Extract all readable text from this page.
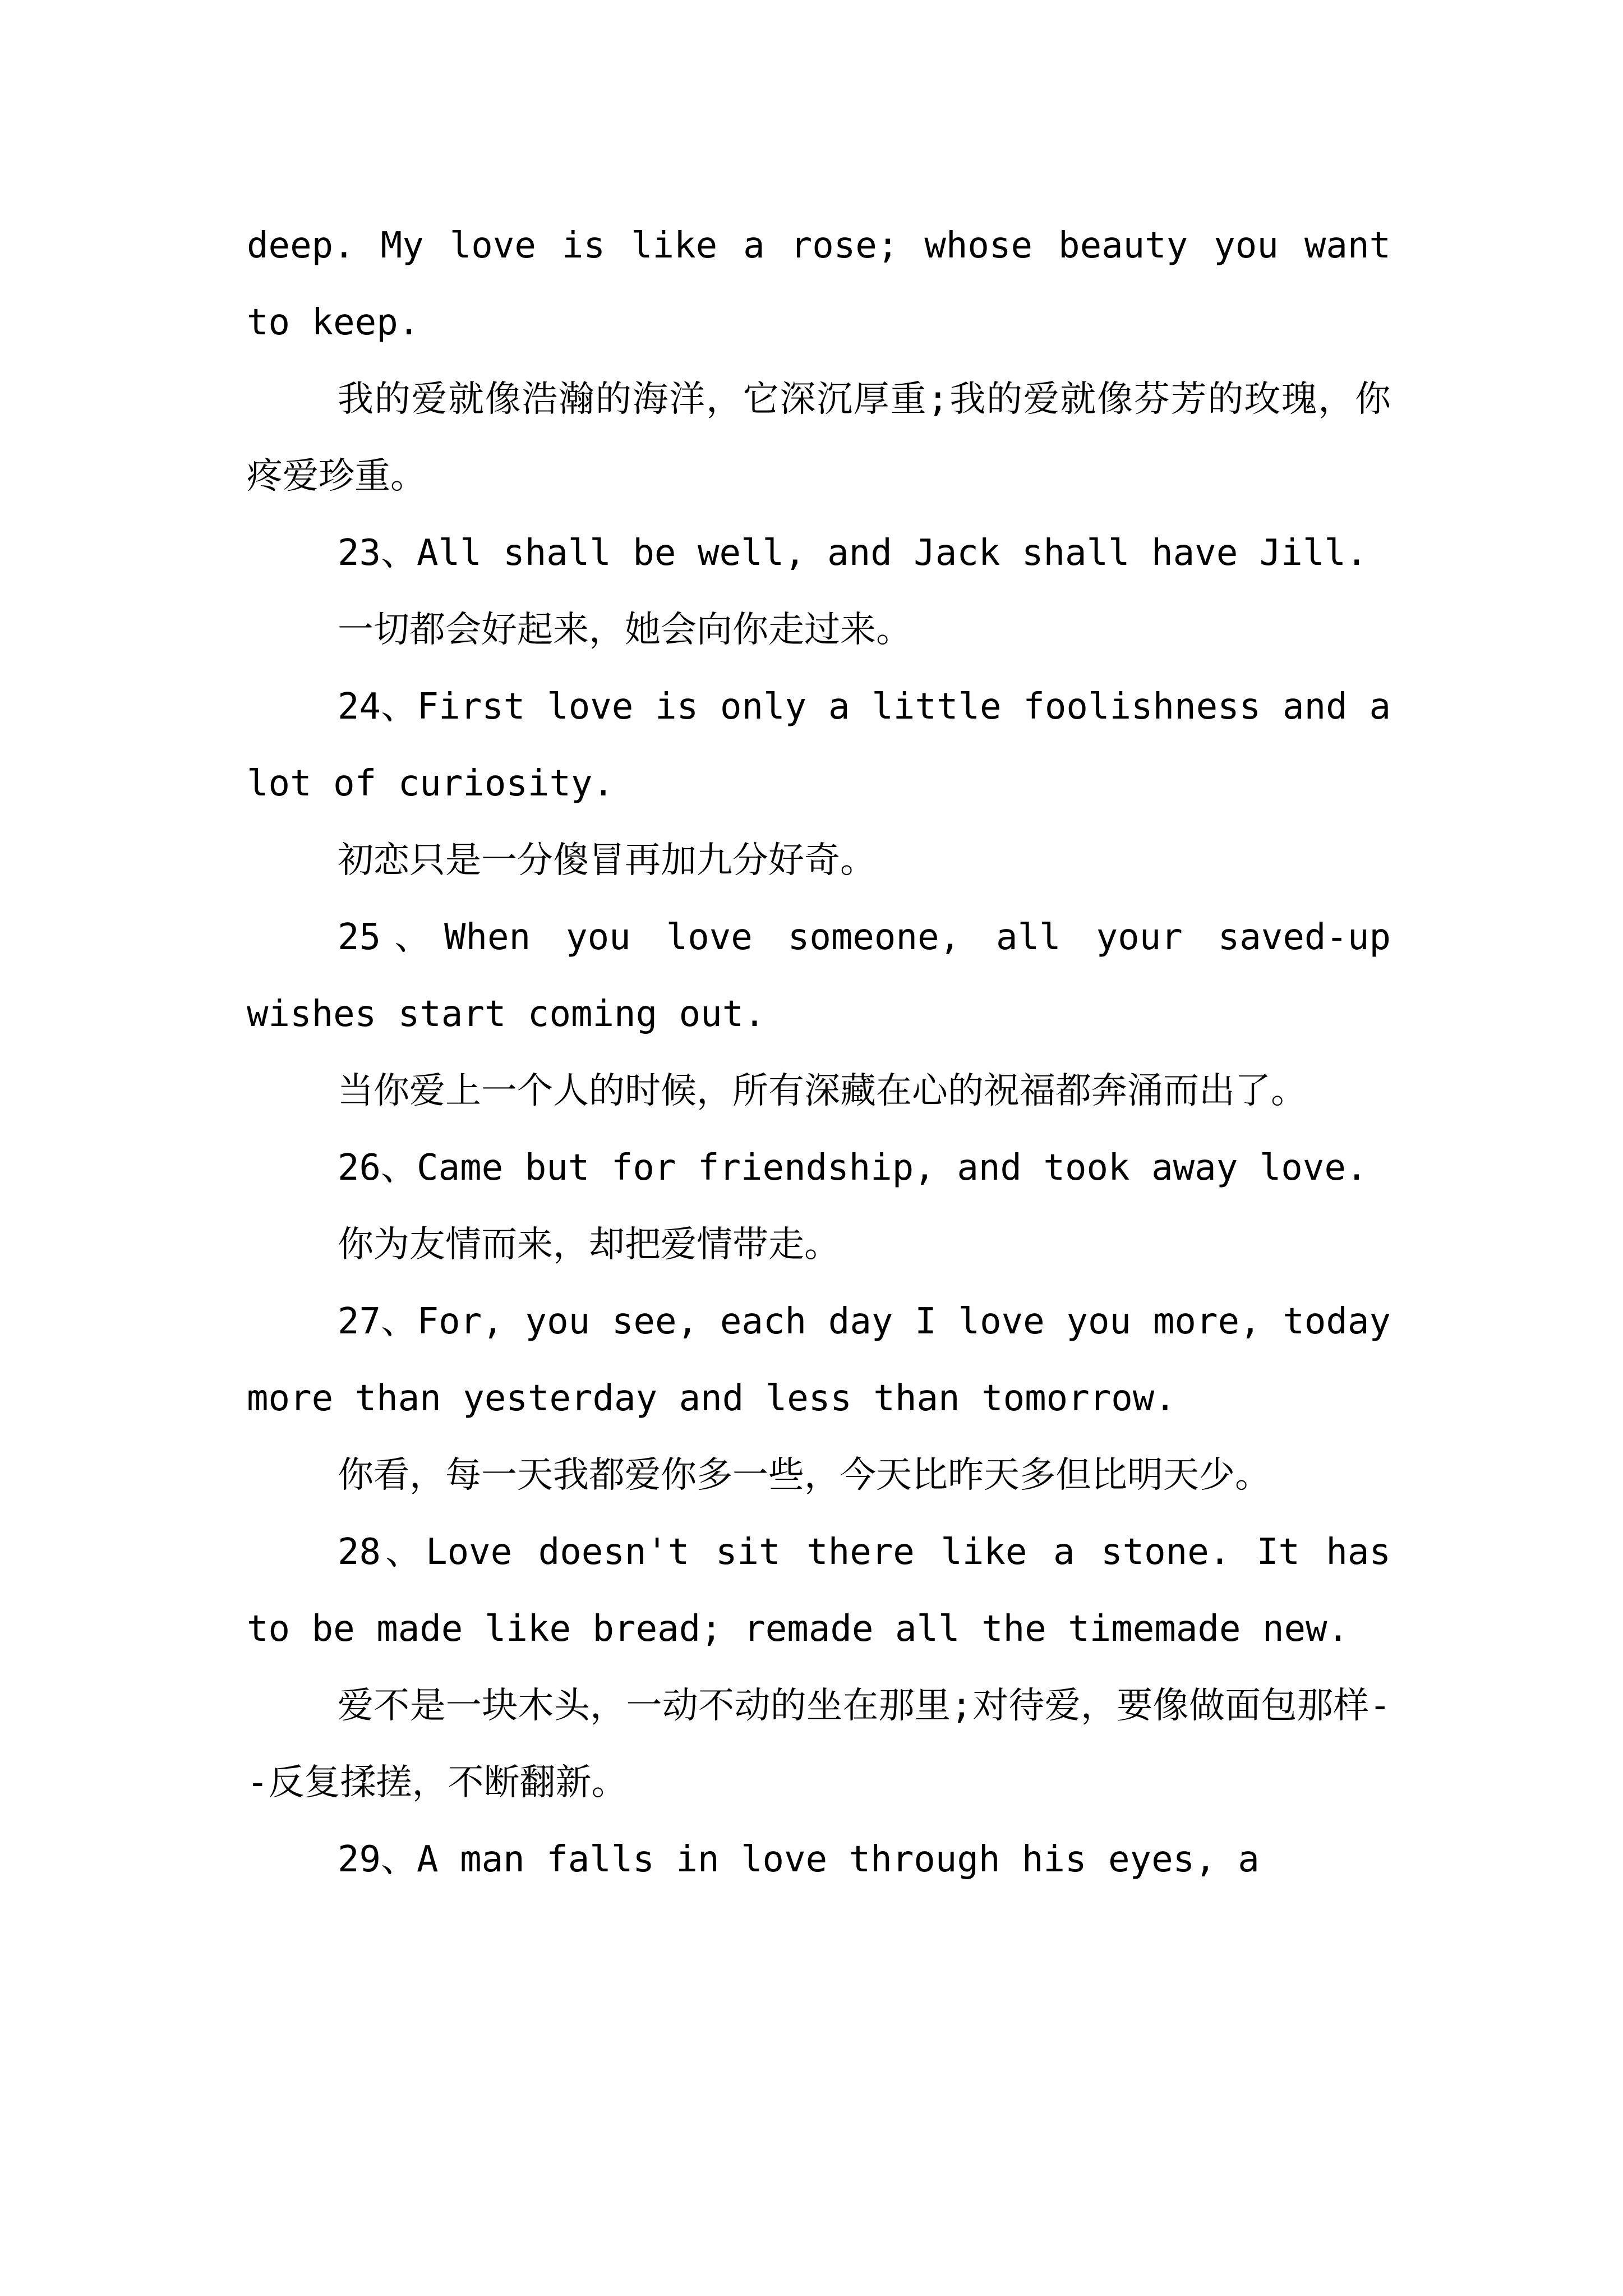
deep. My love is like a rose; whose beauty you want to keep.

我的爱就像浩瀚的海洋，它深沉厚重;我的爱就像芬芳的玫瑰，你疼爱珍重。

23、All shall be well, and Jack shall have Jill.

一切都会好起来，她会向你走过来。

24、First love is only a little foolishness and a lot of curiosity.

初恋只是一分傻冒再加九分好奇。

25、When you love someone, all your saved-up wishes start coming out.

当你爱上一个人的时候，所有深藏在心的祝福都奔涌而出了。

26、Came but for friendship, and took away love.

你为友情而来，却把爱情带走。

27、For, you see, each day I love you more, today more than yesterday and less than tomorrow.

你看，每一天我都爱你多一些，今天比昨天多但比明天少。

28、Love doesn't sit there like a stone. It has to be made like bread; remade all the timemade new.

爱不是一块木头，一动不动的坐在那里;对待爱，要像做面包那样--反复揉搓，不断翻新。

29、A man falls in love through his eyes, a
